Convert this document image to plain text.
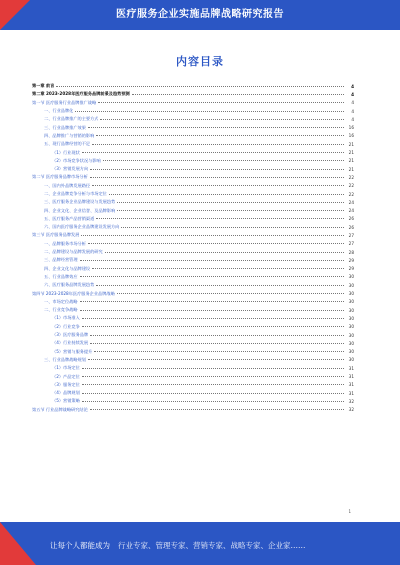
医疗服务企业实施品牌战略研究报告
内容目录
第一章 前言	4
第二章 2023-2028年医疗服务品牌前景及趋势预测	4
第一节 医疗服务行业品牌推广战略	4
一、行业品牌化	4
二、行业品牌推广的主要方式	4
三、行业品牌推广效果	16
四、品牌推广与营销的影响	16
五、现行品牌经营的不足	21
（1）行业现状	21
（2）市场竞争状况与影响	21
（3）营销发展方向	21
第二节 医疗服务品牌市场分析	22
一、国内外品牌发展路径	22
二、企业品牌竞争分析与市场定位	22
三、医疗服务企业品牌建设与发展趋势	24
四、企业文化、企业信誉、及品牌影响	24
五、医疗服务产品营销渠道	26
六、国内医疗服务企业品牌建设发展方向	26
第三节 医疗服务品牌发展	27
一、品牌服务市场分析	27
二、品牌建设与品牌发展的研究	28
三、品牌经营管理	29
四、企业文化与品牌建设	29
五、行业品牌效应	30
六、医疗服务品牌发展趋势	30
第四节 2023-2028年医疗服务企业品牌战略	30
一、市场定位战略	30
二、行业竞争战略	30
（1）市场准入	30
（2）行业竞争	30
（3）医疗服务品牌	30
（4）行业持续发展	30
（5）营销与服务提升	30
三、行业品牌战略规划	30
（1）市场定位	31
（2）产品定位	31
（3）服务定位	31
（4）品牌规划	31
（5）营销策略	32
第五节 行业品牌战略研究结论	32
1
让每个人都能成为 行业专家、管理专家、营销专家、战略专家、企业家……
